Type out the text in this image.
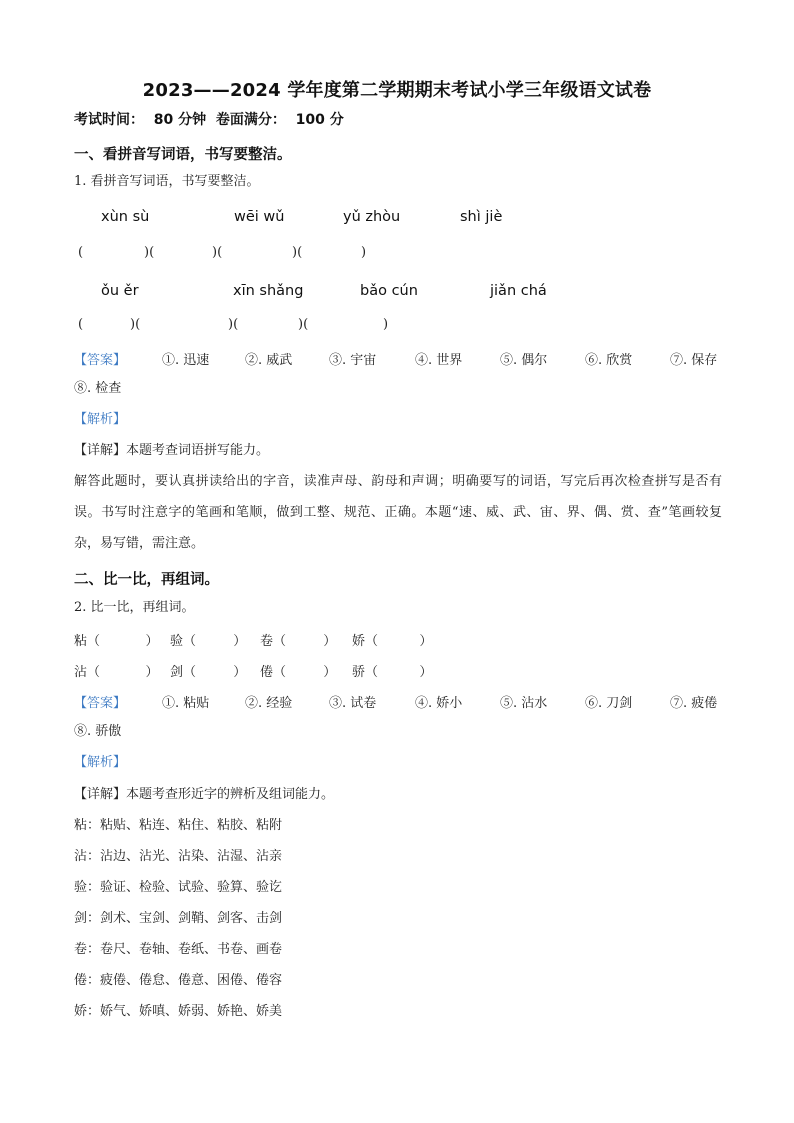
2023——2024 学年度第二学期期末考试小学三年级语文试卷
考试时间：  80 分钟  卷面满分：  100 分
一、看拼音写词语，书写要整洁。
1. 看拼音写词语，书写要整洁。
xùn sù	wēi wǔ	yǔ zhòu	shì jiè
(	)(	)(	)(	)
ǒu ěr	xīn shǎng	bǎo cún	jiǎn chá
(	)(	)(	)(	)
【答案】	①. 迅速	②. 威武	③. 宇宙	④. 世界	⑤. 偶尔	⑥. 欣赏	⑦. 保存
⑧. 检查
【解析】
【详解】本题考查词语拼写能力。
解答此题时，要认真拼读给出的字音，读准声母、韵母和声调；明确要写的词语，写完后再次检查拼写是否有误。书写时注意字的笔画和笔顺，做到工整、规范、正确。本题“速、威、武、宙、界、偶、赏、查”笔画较复杂，易写错，需注意。
二、比一比，再组词。
2. 比一比，再组词。
粘（           ） 验（         ） 卷（         ） 娇（          ）
沾（           ） 剑（         ） 倦（         ） 骄（          ）
【答案】	①. 粘贴	②. 经验	③. 试卷	④. 娇小	⑤. 沾水	⑥. 刀剑	⑦. 疲倦
⑧. 骄傲
【解析】
【详解】本题考查形近字的辨析及组词能力。
粘：粘贴、粘连、粘住、粘胶、粘附
沾：沾边、沾光、沾染、沾湿、沾亲
验：验证、检验、试验、验算、验讫
剑：剑术、宝剑、剑鞘、剑客、击剑
卷：卷尺、卷轴、卷纸、书卷、画卷
倦：疲倦、倦怠、倦意、困倦、倦容
娇：娇气、娇嗔、娇弱、娇艳、娇美
